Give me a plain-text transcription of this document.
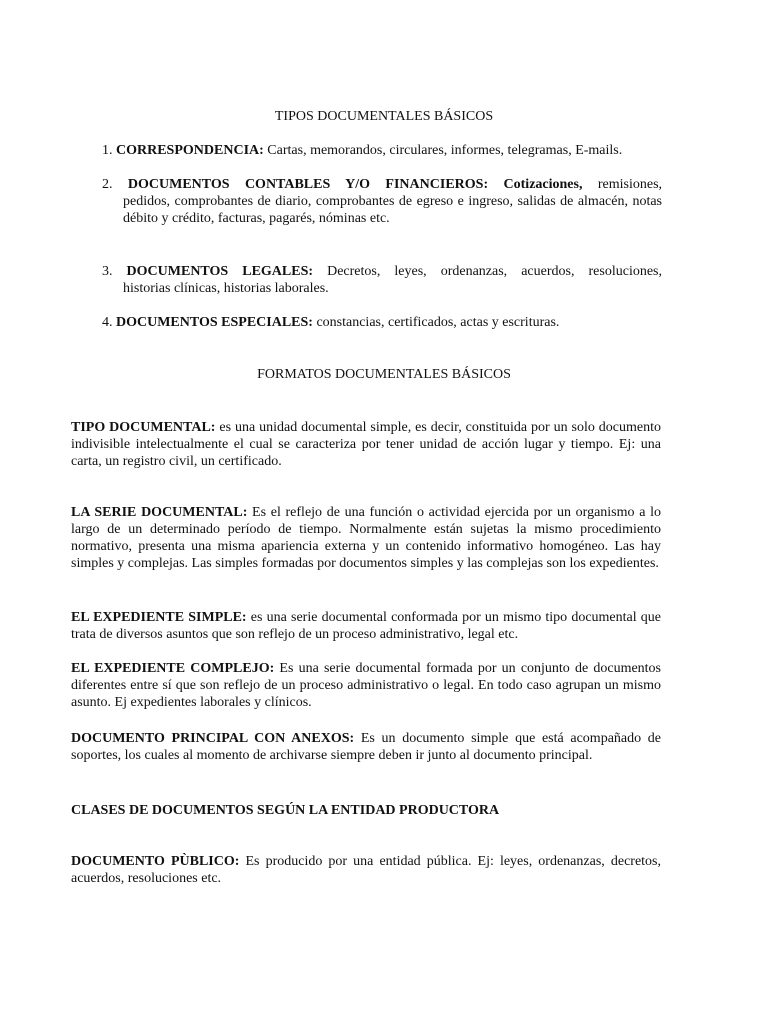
TIPOS DOCUMENTALES BÁSICOS
1. CORRESPONDENCIA: Cartas, memorandos, circulares, informes, telegramas, E-mails.
2. DOCUMENTOS CONTABLES Y/O FINANCIEROS: Cotizaciones, remisiones,
pedidos, comprobantes de diario, comprobantes de egreso e ingreso, salidas de almacén, notas débito y crédito, facturas, pagarés, nóminas etc.
3. DOCUMENTOS LEGALES: Decretos, leyes, ordenanzas, acuerdos, resoluciones,
historias clínicas, historias laborales.
4. DOCUMENTOS ESPECIALES: constancias, certificados, actas y escrituras.
FORMATOS DOCUMENTALES BÁSICOS
TIPO DOCUMENTAL: es una unidad documental simple, es decir, constituida por un solo documento indivisible intelectualmente el cual se caracteriza por tener unidad de acción lugar y tiempo. Ej: una carta, un registro civil, un certificado.
LA SERIE DOCUMENTAL: Es el reflejo de una función o actividad ejercida por un organismo a lo largo de un determinado período de tiempo. Normalmente están sujetas la mismo procedimiento normativo, presenta una misma apariencia externa y un contenido informativo homogéneo. Las hay simples y complejas. Las simples formadas por documentos simples y las complejas son los expedientes.
EL EXPEDIENTE SIMPLE: es una serie documental conformada por un mismo tipo documental que trata de diversos asuntos que son reflejo de un proceso administrativo, legal etc.
EL EXPEDIENTE COMPLEJO: Es una serie documental formada por un conjunto de documentos diferentes entre sí que son reflejo de un proceso administrativo o legal. En todo caso agrupan un mismo asunto. Ej expedientes laborales y clínicos.
DOCUMENTO PRINCIPAL CON ANEXOS: Es un documento simple que está acompañado de soportes, los cuales al momento de archivarse siempre deben ir junto al documento principal.
CLASES DE DOCUMENTOS SEGÚN LA ENTIDAD PRODUCTORA
DOCUMENTO PÙBLICO: Es producido por una entidad pública. Ej: leyes, ordenanzas, decretos, acuerdos, resoluciones etc.
